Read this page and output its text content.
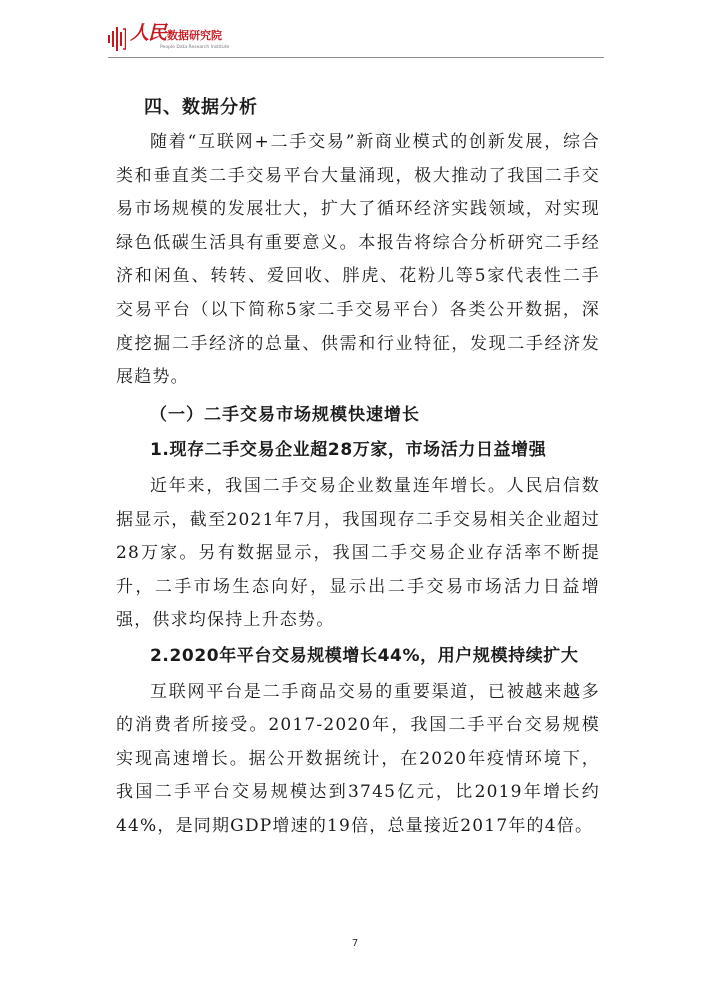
人民 数据研究院
People Data Research Institute
四、数据分析

随着“互联网+二手交易”新商业模式的创新发展，综合类和垂直类二手交易平台大量涌现，极大推动了我国二手交易市场规模的发展壮大，扩大了循环经济实践领域，对实现绿色低碳生活具有重要意义。本报告将综合分析研究二手经济和闲鱼、转转、爱回收、胖虎、花粉儿等5家代表性二手交易平台（以下简称5家二手交易平台）各类公开数据，深度挖掘二手经济的总量、供需和行业特征，发现二手经济发展趋势。

（一）二手交易市场规模快速增长
1.现存二手交易企业超28万家，市场活力日益增强

近年来，我国二手交易企业数量连年增长。人民启信数据显示，截至2021年7月，我国现存二手交易相关企业超过28万家。另有数据显示，我国二手交易企业存活率不断提升，二手市场生态向好，显示出二手交易市场活力日益增强，供求均保持上升态势。

2.2020年平台交易规模增长44%，用户规模持续扩大

互联网平台是二手商品交易的重要渠道，已被越来越多的消费者所接受。2017-2020年，我国二手平台交易规模实现高速增长。据公开数据统计，在2020年疫情环境下，我国二手平台交易规模达到3745亿元，比2019年增长约44%，是同期GDP增速的19倍，总量接近2017年的4倍。

7
